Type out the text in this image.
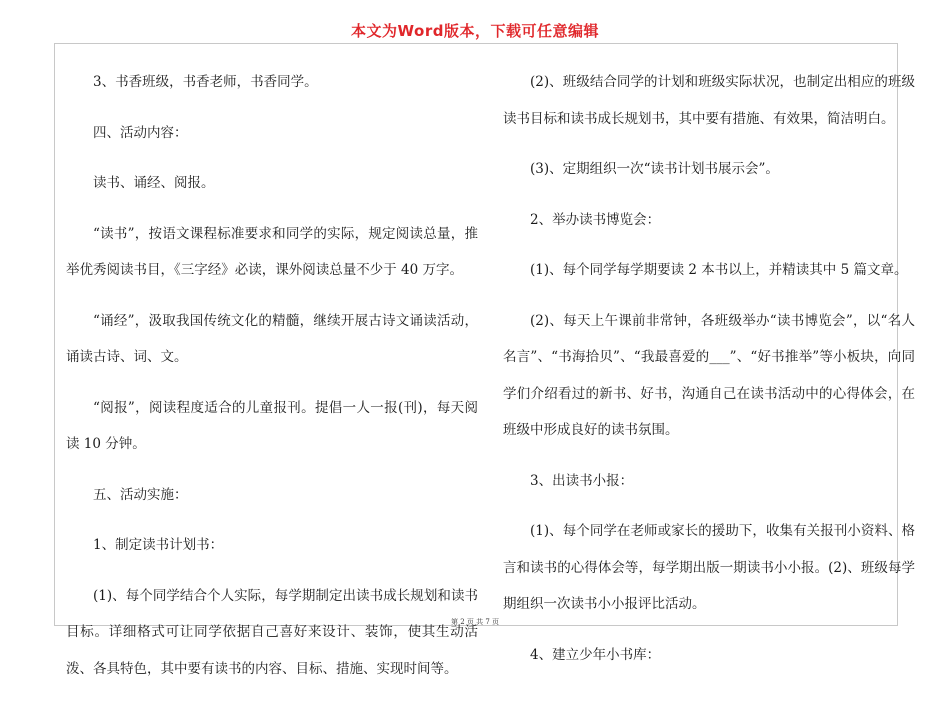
本文为Word版本，下载可任意编辑

3、书香班级，书香老师，书香同学。

四、活动内容：

读书、诵经、阅报。

“读书”，按语文课程标准要求和同学的实际，规定阅读总量，推举优秀阅读书目，《三字经》必读，课外阅读总量不少于 40 万字。

“诵经”，汲取我国传统文化的精髓，继续开展古诗文诵读活动，诵读古诗、词、文。

“阅报”，阅读程度适合的儿童报刊。提倡一人一报(刊)，每天阅读 10 分钟。

五、活动实施：

1、制定读书计划书：

(1)、每个同学结合个人实际，每学期制定出读书成长规划和读书目标。详细格式可让同学依据自己喜好来设计、装饰，使其生动活泼、各具特色，其中要有读书的内容、目标、措施、实现时间等。

(2)、班级结合同学的计划和班级实际状况，也制定出相应的班级读书目标和读书成长规划书，其中要有措施、有效果，简洁明白。

(3)、定期组织一次“读书计划书展示会”。

2、举办读书博览会：

(1)、每个同学每学期要读 2 本书以上，并精读其中 5 篇文章。

(2)、每天上午课前非常钟，各班级举办“读书博览会”，以“名人名言”、“书海拾贝”、“我最喜爱的___”、“好书推举”等小板块，向同学们介绍看过的新书、好书，沟通自己在读书活动中的心得体会，在班级中形成良好的读书氛围。

3、出读书小报：

(1)、每个同学在老师或家长的援助下，收集有关报刊小资料、格言和读书的心得体会等，每学期出版一期读书小小报。(2)、班级每学期组织一次读书小小报评比活动。

4、建立少年小书库：

第 2 页 共 7 页
